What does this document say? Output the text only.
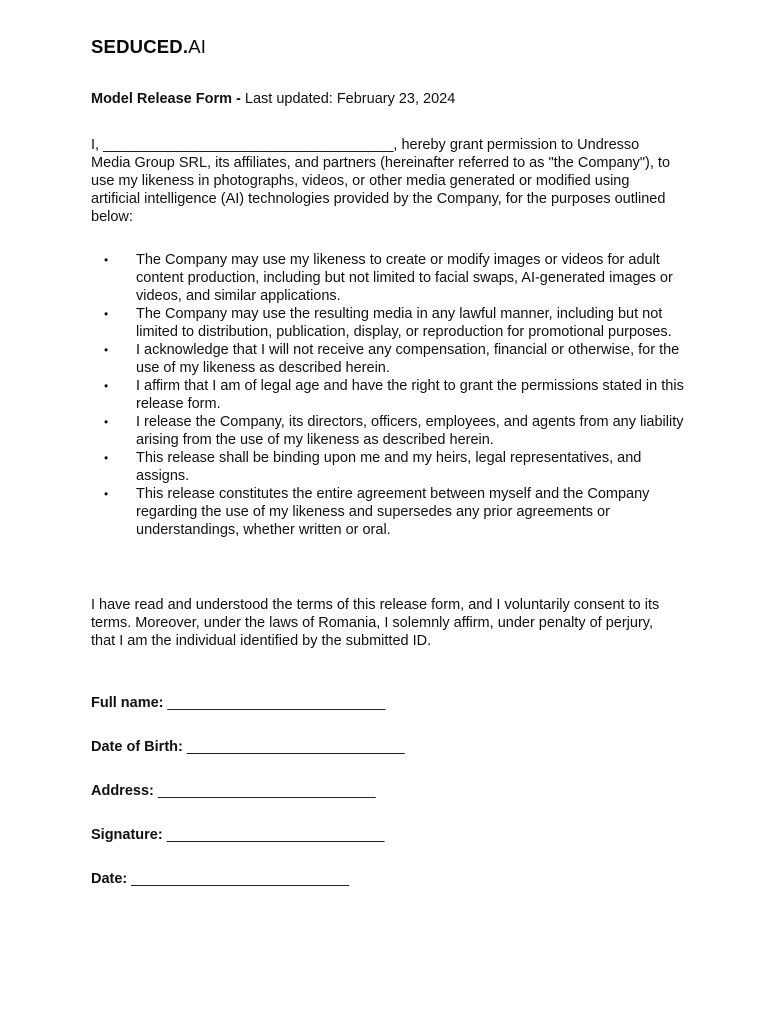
SEDUCED.AI
Model Release Form - Last updated: February 23, 2024
I, ____________________________________, hereby grant permission to Undresso Media Group SRL, its affiliates, and partners (hereinafter referred to as "the Company"), to use my likeness in photographs, videos, or other media generated or modified using artificial intelligence (AI) technologies provided by the Company, for the purposes outlined below:
• The Company may use my likeness to create or modify images or videos for adult content production, including but not limited to facial swaps, AI-generated images or videos, and similar applications.
• The Company may use the resulting media in any lawful manner, including but not limited to distribution, publication, display, or reproduction for promotional purposes.
• I acknowledge that I will not receive any compensation, financial or otherwise, for the use of my likeness as described herein.
• I affirm that I am of legal age and have the right to grant the permissions stated in this release form.
• I release the Company, its directors, officers, employees, and agents from any liability arising from the use of my likeness as described herein.
• This release shall be binding upon me and my heirs, legal representatives, and assigns.
• This release constitutes the entire agreement between myself and the Company regarding the use of my likeness and supersedes any prior agreements or understandings, whether written or oral.
I have read and understood the terms of this release form, and I voluntarily consent to its terms. Moreover, under the laws of Romania, I solemnly affirm, under penalty of perjury, that I am the individual identified by the submitted ID.
Full name: ___________________________
Date of Birth: ___________________________
Address: ___________________________
Signature: ___________________________
Date: ___________________________
